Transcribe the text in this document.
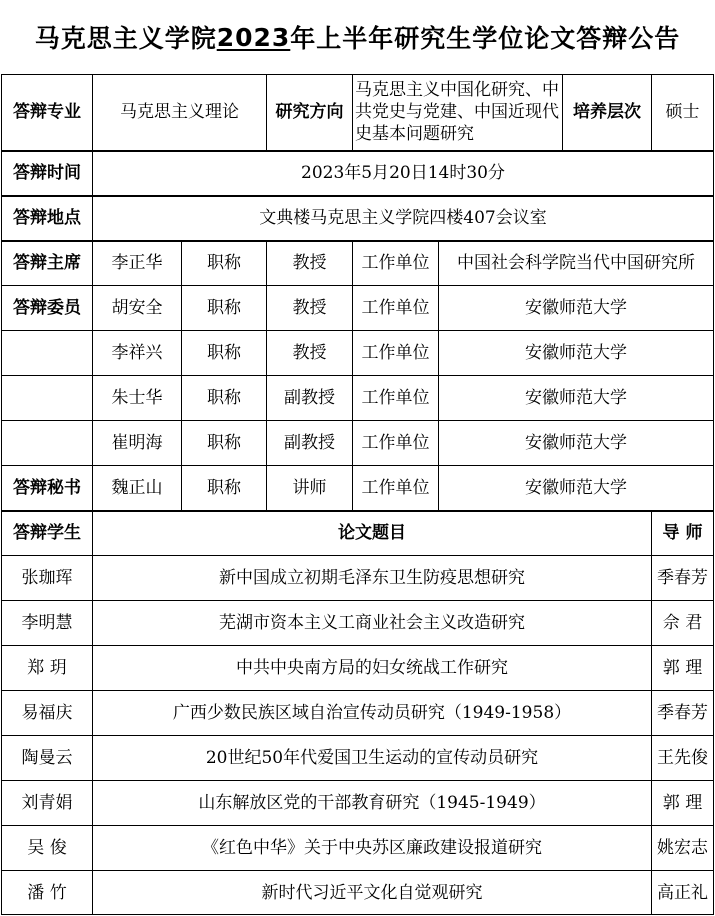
马克思主义学院 2023 年上半年研究生学位论文答辩公告
答辩专业	马克思主义理论		研究方向	马克思主义中国化研究、中共党史与党建、中国近现代史基本问题研究		培养层次	硕士
答辩时间	2023年5月20日14时30分						
答辩地点	文典楼马克思主义学院四楼407会议室						
答辩主席	李正华	职称	教授	工作单位	中国社会科学院当代中国研究所		
答辩委员	胡安全	职称	教授	工作单位	安徽师范大学		
	李祥兴	职称	教授	工作单位	安徽师范大学		
	朱士华	职称	副教授	工作单位	安徽师范大学		
	崔明海	职称	副教授	工作单位	安徽师范大学		
答辩秘书	魏正山	职称	讲师	工作单位	安徽师范大学		
答辩学生	论文题目						导 师
张珈珲	新中国成立初期毛泽东卫生防疫思想研究						季春芳
李明慧	芜湖市资本主义工商业社会主义改造研究						佘 君
郑 玥	中共中央南方局的妇女统战工作研究						郭 理
易福庆	广西少数民族区域自治宣传动员研究（1949-1958）						季春芳
陶曼云	20世纪50年代爱国卫生运动的宣传动员研究						王先俊
刘青娟	山东解放区党的干部教育研究（1945-1949）						郭 理
吴 俊	《红色中华》关于中央苏区廉政建设报道研究						姚宏志
潘 竹	新时代习近平文化自觉观研究						高正礼
